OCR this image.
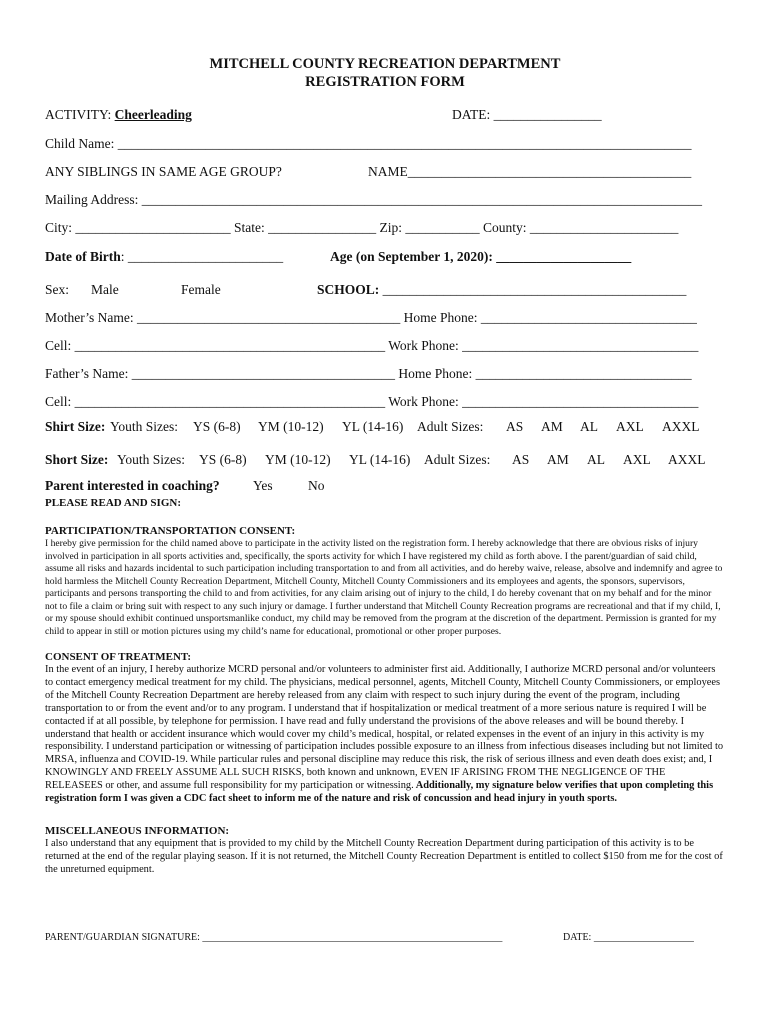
MITCHELL COUNTY RECREATION DEPARTMENT
REGISTRATION FORM
ACTIVITY: Cheerleading	DATE: ________________
Child Name: _____________________________________________________________________________________
ANY SIBLINGS IN SAME AGE GROUP?	NAME__________________________________________
Mailing Address: ___________________________________________________________________________________
City: _______________________ State: ________________ Zip: ___________ County: ______________________
Date of Birth: _______________________	Age (on September 1, 2020): ____________________
Sex: Male	Female	SCHOOL: _____________________________________________
Mother’s Name: _______________________________________ Home Phone: ________________________________
Cell: ______________________________________________ Work Phone: ___________________________________
Father’s Name: _______________________________________ Home Phone: ________________________________
Cell: ______________________________________________ Work Phone: ___________________________________
Shirt Size: Youth Sizes: YS (6-8) YM (10-12) YL (14-16) Adult Sizes: AS AM AL AXL AXXL
Short Size: Youth Sizes: YS (6-8) YM (10-12) YL (14-16) Adult Sizes: AS AM AL AXL AXXL
Parent interested in coaching? Yes	No
PLEASE READ AND SIGN:
PARTICIPATION/TRANSPORTATION CONSENT:
I hereby give permission for the child named above to participate in the activity listed on the registration form. I hereby acknowledge that there are obvious risks of injury involved in participation in all sports activities and, specifically, the sports activity for which I have registered my child as forth above. I the parent/guardian of said child, assume all risks and hazards incidental to such participation including transportation to and from all activities, and do hereby waive, release, absolve and indemnify and agree to hold harmless the Mitchell County Recreation Department, Mitchell County, Mitchell County Commissioners and its employees and agents, the sponsors, supervisors, participants and persons transporting the child to and from activities, for any claim arising out of injury to the child, I do hereby covenant that on my behalf and for the minor not to file a claim or bring suit with respect to any such injury or damage. I further understand that Mitchell County Recreation programs are recreational and that if my child, I, or my spouse should exhibit continued unsportsmanlike conduct, my child may be removed from the program at the discretion of the department. Permission is granted for my child to appear in still or motion pictures using my child’s name for educational, promotional or other proper purposes.
CONSENT OF TREATMENT:
In the event of an injury, I hereby authorize MCRD personal and/or volunteers to administer first aid. Additionally, I authorize MCRD personal and/or volunteers to contact emergency medical treatment for my child. The physicians, medical personnel, agents, Mitchell County, Mitchell County Commissioners, or employees of the Mitchell County Recreation Department are hereby released from any claim with respect to such injury during the event of the program, including transportation to or from the event and/or to any program. I understand that if hospitalization or medical treatment of a more serious nature is required I will be contacted if at all possible, by telephone for permission. I have read and fully understand the provisions of the above releases and will be bound thereby. I understand that health or accident insurance which would cover my child’s medical, hospital, or related expenses in the event of an injury in this activity is my responsibility. I understand participation or witnessing of participation includes possible exposure to an illness from infectious diseases including but not limited to MRSA, influenza and COVID-19. While particular rules and personal discipline may reduce this risk, the risk of serious illness and even death does exist; and, I KNOWINGLY AND FREELY ASSUME ALL SUCH RISKS, both known and unknown, EVEN IF ARISING FROM THE NEGLIGENCE OF THE RELEASEES or other, and assume full responsibility for my participation or witnessing. Additionally, my signature below verifies that upon completing this registration form I was given a CDC fact sheet to inform me of the nature and risk of concussion and head injury in youth sports.
MISCELLANEOUS INFORMATION:
I also understand that any equipment that is provided to my child by the Mitchell County Recreation Department during participation of this activity is to be returned at the end of the regular playing season. If it is not returned, the Mitchell County Recreation Department is entitled to collect $150 from me for the cost of the unreturned equipment.
PARENT/GUARDIAN SIGNATURE: ____________________________________________________________	DATE: ____________________
